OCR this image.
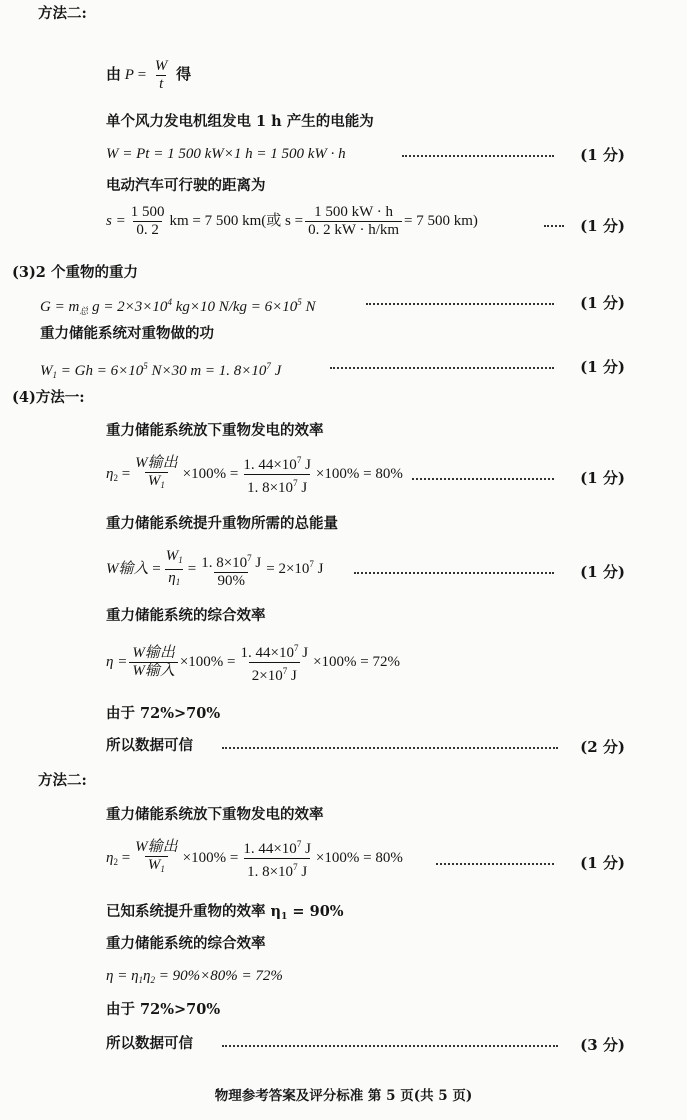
方法二:
由 $P = \frac{W}{t}$ 得
单个风力发电机组发电 1 h 产生的电能为
W = Pt = 1 500 kW×1 h = 1 500 kW · h	(1 分)
电动汽车可行驶的距离为
$s = \frac{1 500}{0. 2}$ km = 7 500 km(或 $s = \frac{1 500 kW \cdot h}{0. 2 kW \cdot h/km} = 7$ 500 km)	(1 分)
(3)2 个重物的重力
$G = m_总$ $g = 2\times 3\times 10^4$ kg×10 $N/kg = 6\times 10^5$ N	(1 分)
重力储能系统对重物做的功
$W_1 = Gh = 6\times 10^5$ N×30 m = 1. $8\times 10^7$ J	(1 分)
(4)方法一:
重力储能系统放下重物发电的效率
$\eta_2 = \frac{\text{W输出}}{W_1} \times 100\% = \frac{1. 44\times 10^7 J}{1. 8\times 10^7 J} \times 100\% = 80\%$	(1 分)
重力储能系统提升重物所需的总能量
W输入 = $\frac{W_1}{\eta_1} = \frac{1. 8\times 10^7 J}{90\%} = 2\times 10^7$ J	(1 分)
重力储能系统的综合效率
$\eta = \frac{\text{W输出}}{\text{W输入}} \times 100\% = \frac{1. 44\times 10^7 J}{2\times 10^7 J} \times 100\% = 72\%$
由于 72%>70%
所以数据可信	(2 分)
方法二:
重力储能系统放下重物发电的效率
$\eta_2 = \frac{\text{W输出}}{W_1} \times 100\% = \frac{1. 44\times 10^7 J}{1. 8\times 10^7 J} \times 100\% = 80\%$	(1 分)
已知系统提升重物的效率 $\eta_1 = 90\%$
重力储能系统的综合效率
$\eta = \eta_1\eta_2 = 90\%\times 80\% = 72\%$
由于 72%>70%
所以数据可信	(3 分)
物理参考答案及评分标准 第 5 页(共 5 页)
